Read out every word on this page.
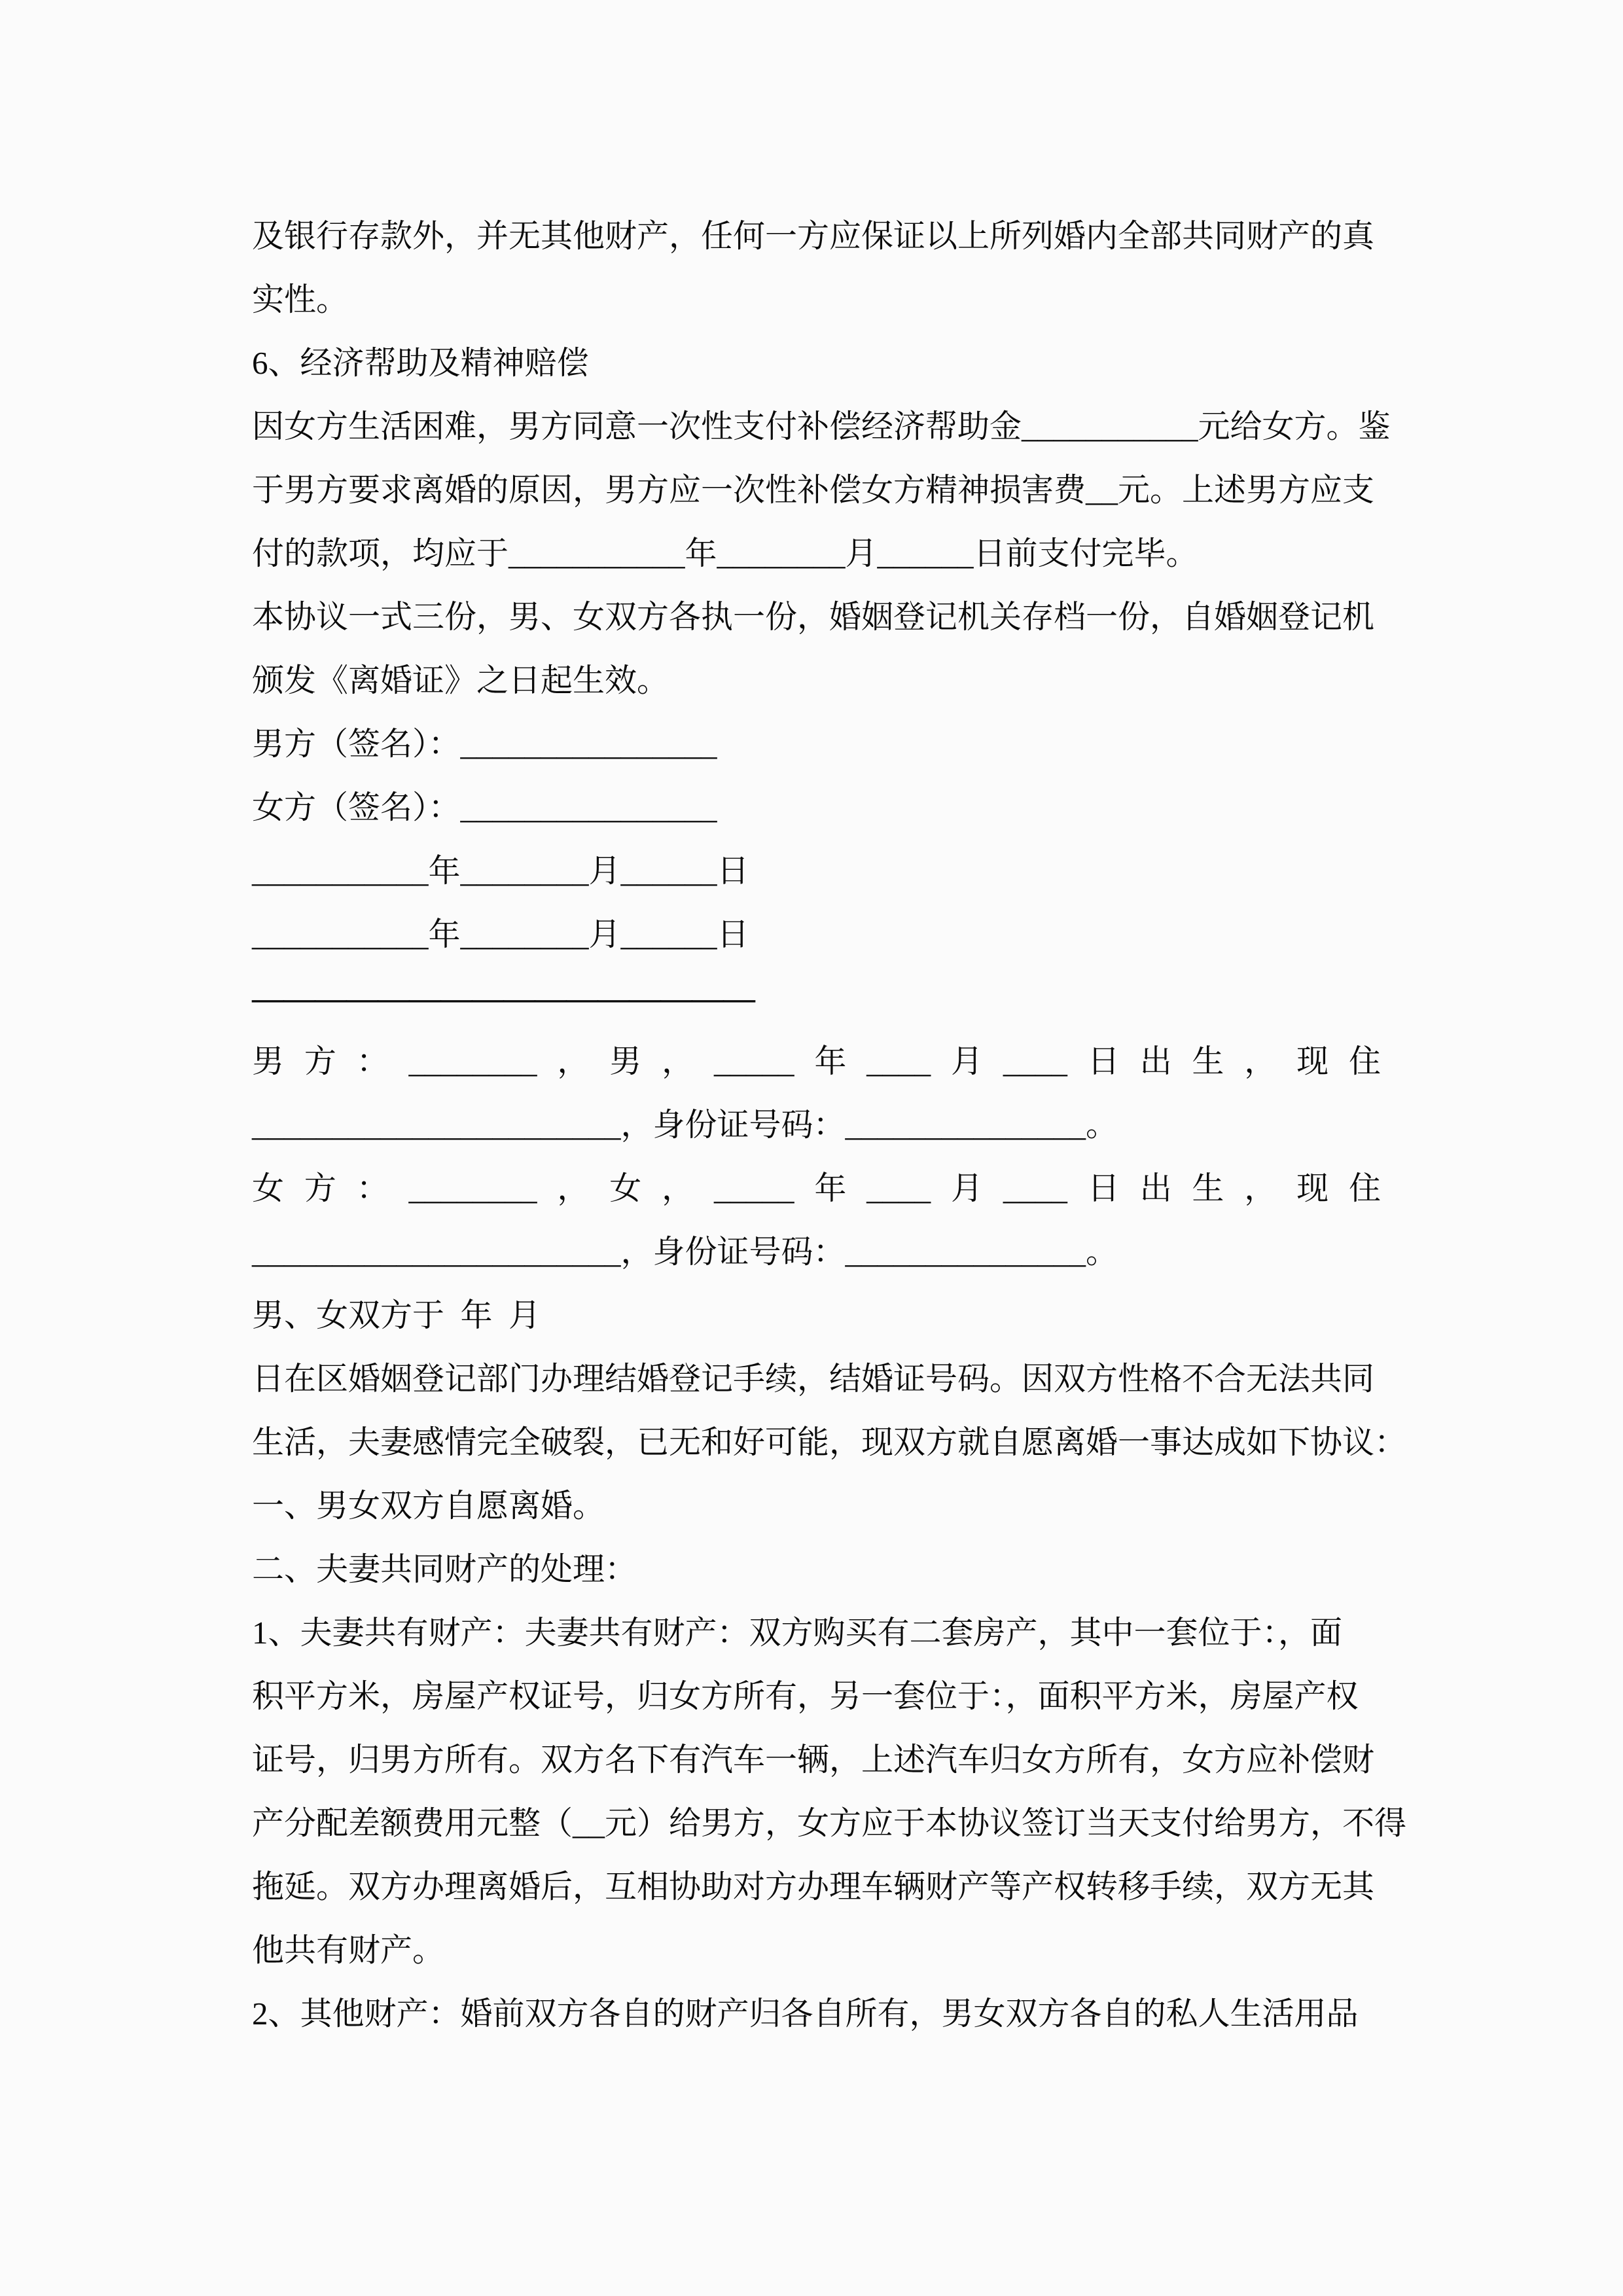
及银行存款外，并无其他财产，任何一方应保证以上所列婚内全部共同财产的真
实性。
6、经济帮助及精神赔偿
因女方生活困难，男方同意一次性支付补偿经济帮助金___________元给女方。鉴
于男方要求离婚的原因，男方应一次性补偿女方精神损害费__元。上述男方应支
付的款项，均应于___________年________月______日前支付完毕。
本协议一式三份，男、女双方各执一份，婚姻登记机关存档一份，自婚姻登记机
颁发《离婚证》之日起生效。
男方（签名）：________________
女方（签名）：________________
___________年________月______日
___________年________月______日
————————————————
男方：________，男，_____年____月____日出生，现住
_______________________，身份证号码：_______________。
女方：________，女，_____年____月____日出生，现住
_______________________，身份证号码：_______________。
男、女双方于  年  月
日在区婚姻登记部门办理结婚登记手续，结婚证号码。因双方性格不合无法共同
生活，夫妻感情完全破裂，已无和好可能，现双方就自愿离婚一事达成如下协议：
一、男女双方自愿离婚。
二、夫妻共同财产的处理：
1、夫妻共有财产：夫妻共有财产：双方购买有二套房产，其中一套位于：，面
积平方米，房屋产权证号，归女方所有，另一套位于：，面积平方米，房屋产权
证号，归男方所有。双方名下有汽车一辆，上述汽车归女方所有，女方应补偿财
产分配差额费用元整（__元）给男方，女方应于本协议签订当天支付给男方，不得
拖延。双方办理离婚后，互相协助对方办理车辆财产等产权转移手续，双方无其
他共有财产。
2、其他财产：婚前双方各自的财产归各自所有，男女双方各自的私人生活用品
